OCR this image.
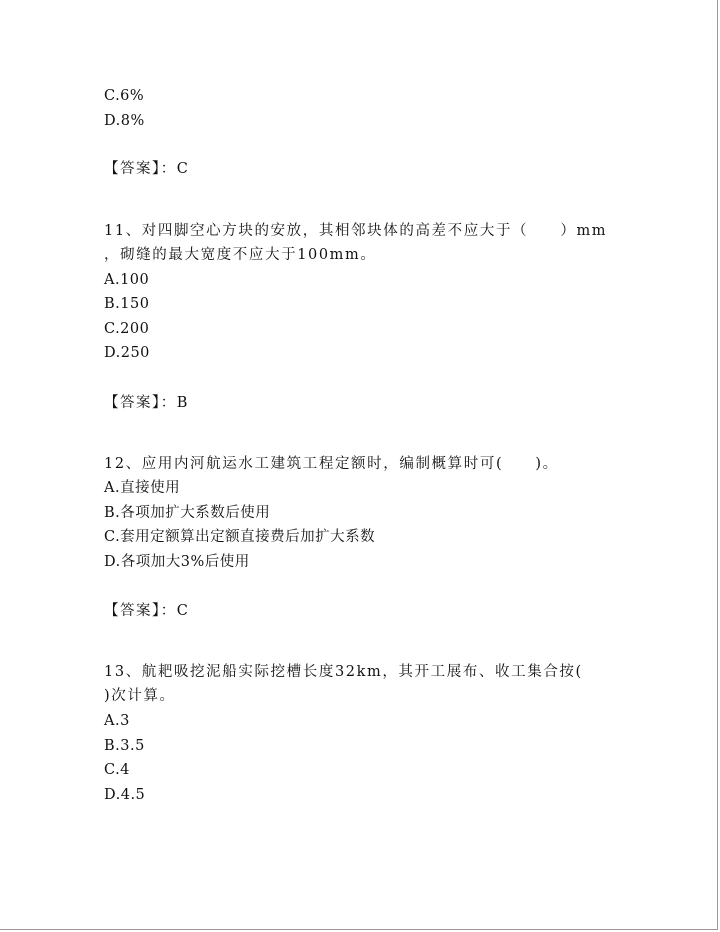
C.6%
D.8%
【答案】：C
11、对四脚空心方块的安放，其相邻块体的高差不应大于（　　）mm
，砌缝的最大宽度不应大于100mm。
A.100
B.150
C.200
D.250
【答案】：B
12、应用内河航运水工建筑工程定额时，编制概算时可(　　)。
A.直接使用
B.各项加扩大系数后使用
C.套用定额算出定额直接费后加扩大系数
D.各项加大3%后使用
【答案】：C
13、航耙吸挖泥船实际挖槽长度32km，其开工展布、收工集合按(
)次计算。
A.3
B.3.5
C.4
D.4.5
